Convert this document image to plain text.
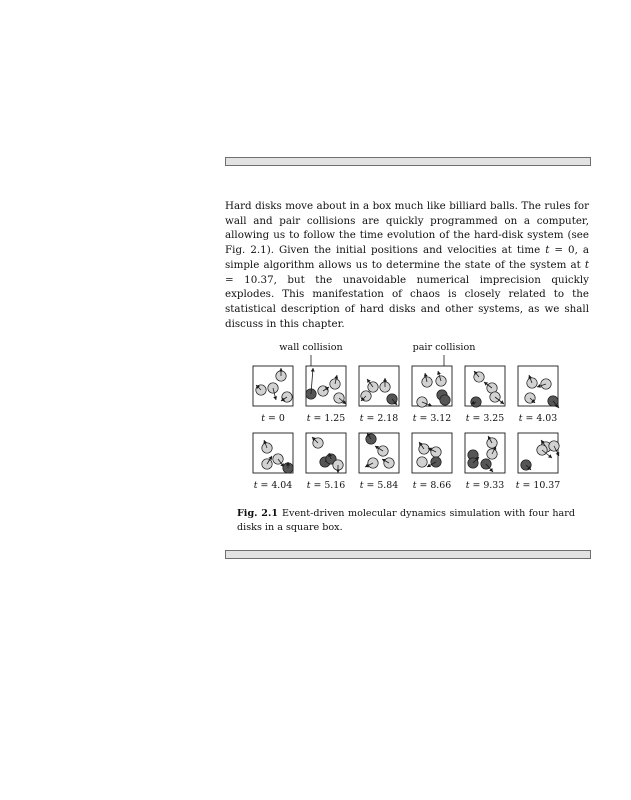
Hard disks move about in a box much like billiard balls. The rules for wall and pair collisions are quickly programmed on a computer, allowing us to follow the time evolution of the hard-disk system (see Fig. 2.1). Given the initial positions and velocities at time t = 0, a simple algorithm allows us to determine the state of the system at t = 10.37, but the unavoidable numerical imprecision quickly explodes. This manifestation of chaos is closely related to the statistical description of hard disks and other systems, as we shall discuss in this chapter.

wall collision	pair collision
t = 0 t = 1.25 t = 2.18 t = 3.12 t = 3.25 t = 4.03
t = 4.04 t = 5.16 t = 5.84 t = 8.66 t = 9.33 t = 10.37

Fig. 2.1 Event-driven molecular dynamics simulation with four hard disks in a square box.
